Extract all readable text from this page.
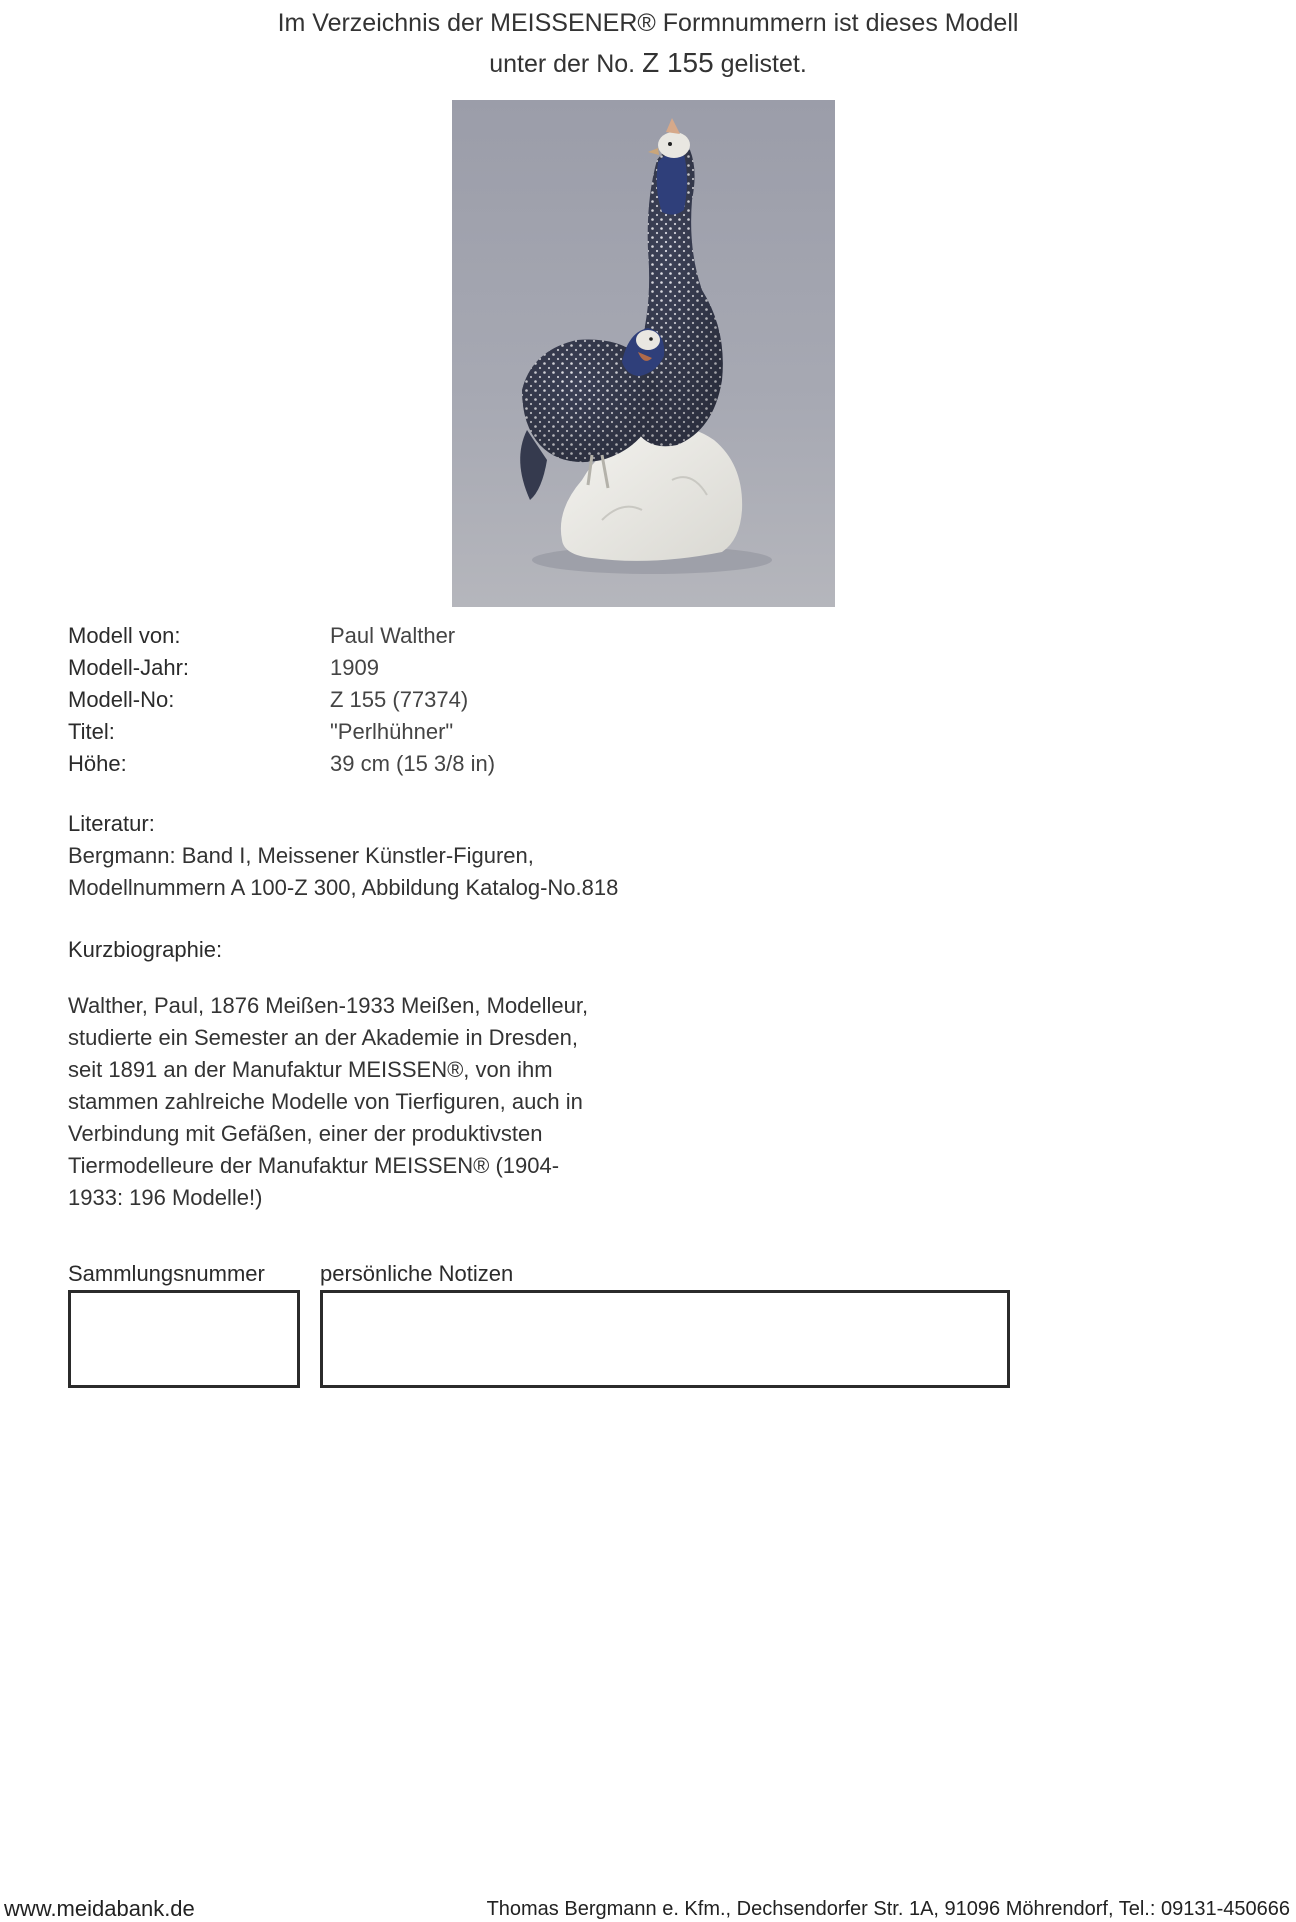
Im Verzeichnis der MEISSENER® Formnummern ist dieses Modell
unter der No. Z 155 gelistet.
Modell von:	Paul Walther
Modell-Jahr:	1909
Modell-No:	Z 155 (77374)
Titel:	"Perlhühner"
Höhe:	39 cm (15 3/8 in)
Literatur:
Bergmann: Band I, Meissener Künstler-Figuren,
Modellnummern A 100-Z 300, Abbildung Katalog-No.818
Kurzbiographie:
Walther, Paul, 1876 Meißen-1933 Meißen, Modelleur,
studierte ein Semester an der Akademie in Dresden,
seit 1891 an der Manufaktur MEISSEN®, von ihm
stammen zahlreiche Modelle von Tierfiguren, auch in
Verbindung mit Gefäßen, einer der produktivsten
Tiermodelleure der Manufaktur MEISSEN® (1904-
1933: 196 Modelle!)
Sammlungsnummer	persönliche Notizen
www.meidabank.de	Thomas Bergmann e. Kfm., Dechsendorfer Str. 1A, 91096 Möhrendorf, Tel.: 09131-450666
